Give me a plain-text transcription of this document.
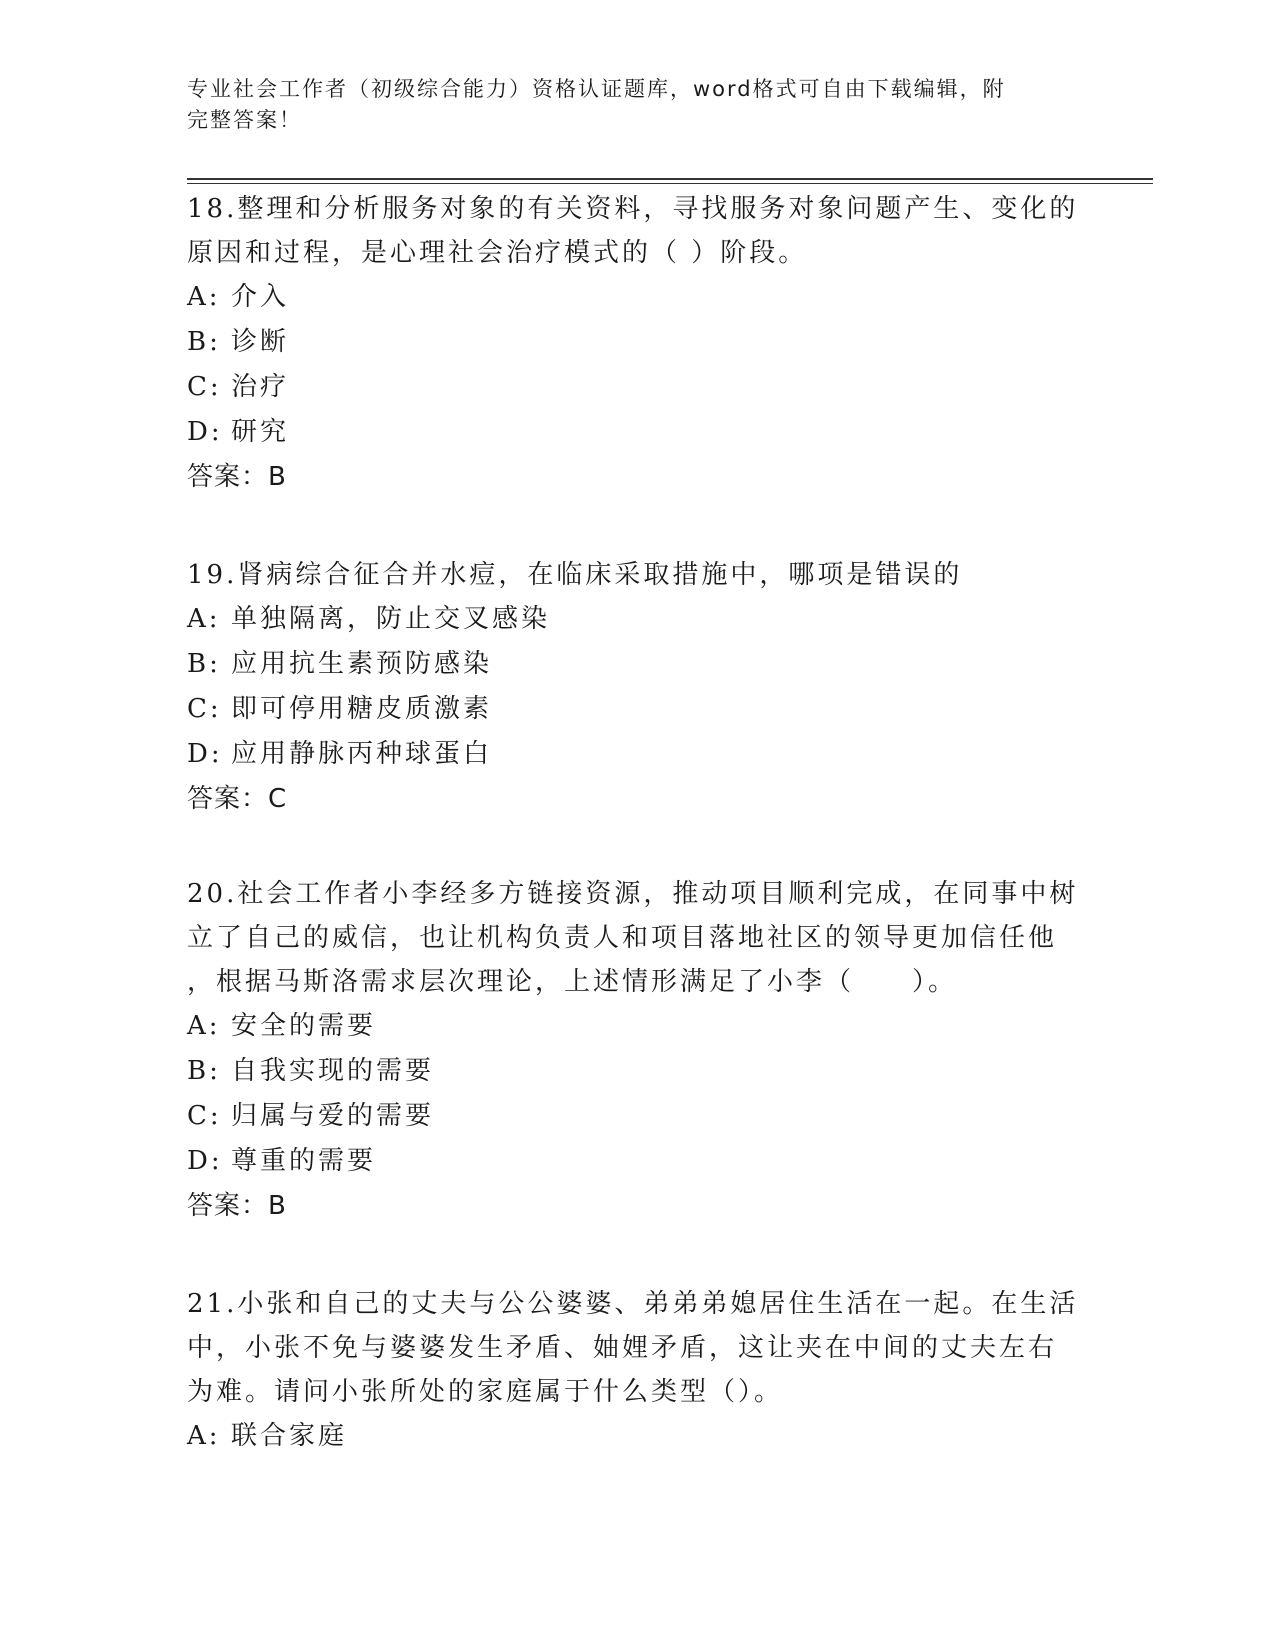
专业社会工作者（初级综合能力）资格认证题库，word格式可自由下载编辑，附
完整答案！

18.整理和分析服务对象的有关资料，寻找服务对象问题产生、变化的
原因和过程，是心理社会治疗模式的（ ）阶段。

A: 介入
B: 诊断
C: 治疗
D: 研究

答案：B

19.肾病综合征合并水痘，在临床采取措施中，哪项是错误的

A: 单独隔离，防止交叉感染
B: 应用抗生素预防感染
C: 即可停用糖皮质激素
D: 应用静脉丙种球蛋白

答案：C

20.社会工作者小李经多方链接资源，推动项目顺利完成，在同事中树
立了自己的威信，也让机构负责人和项目落地社区的领导更加信任他
，根据马斯洛需求层次理论，上述情形满足了小李（　　）。

A: 安全的需要
B: 自我实现的需要
C: 归属与爱的需要
D: 尊重的需要

答案：B

21.小张和自己的丈夫与公公婆婆、弟弟弟媳居住生活在一起。在生活
中，小张不免与婆婆发生矛盾、妯娌矛盾，这让夹在中间的丈夫左右
为难。请问小张所处的家庭属于什么类型（）。

A: 联合家庭
